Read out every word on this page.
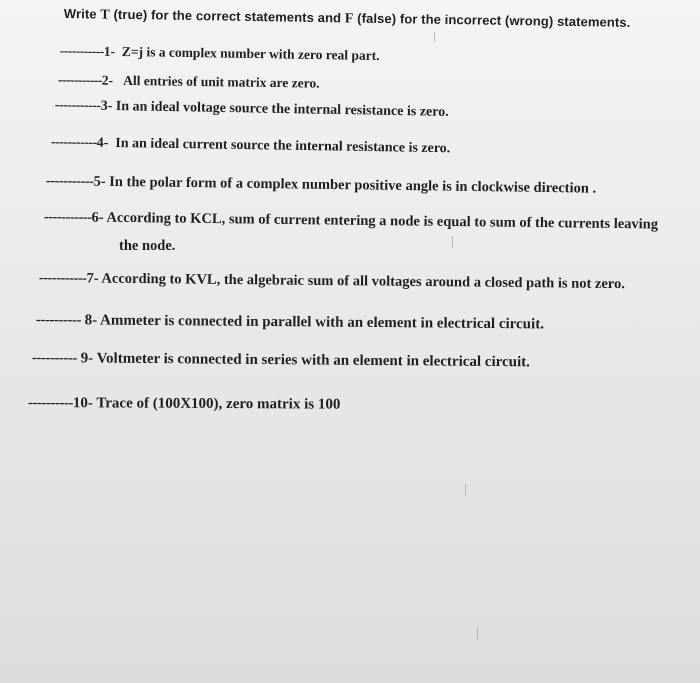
Write T (true) for the correct statements and F (false) for the incorrect (wrong) statements.
-----------1- Z=j is a complex number with zero real part.
-----------2- All entries of unit matrix are zero.
-----------3- In an ideal voltage source the internal resistance is zero.
-----------4- In an ideal current source the internal resistance is zero.
-----------5- In the polar form of a complex number positive angle is in clockwise direction .
-----------6- According to KCL, sum of current entering a node is equal to sum of the currents leaving
the node.
-----------7- According to KVL, the algebraic sum of all voltages around a closed path is not zero.
---------- 8- Ammeter is connected in parallel with an element in electrical circuit.
---------- 9- Voltmeter is connected in series with an element in electrical circuit.
----------10- Trace of (100X100), zero matrix is 100
